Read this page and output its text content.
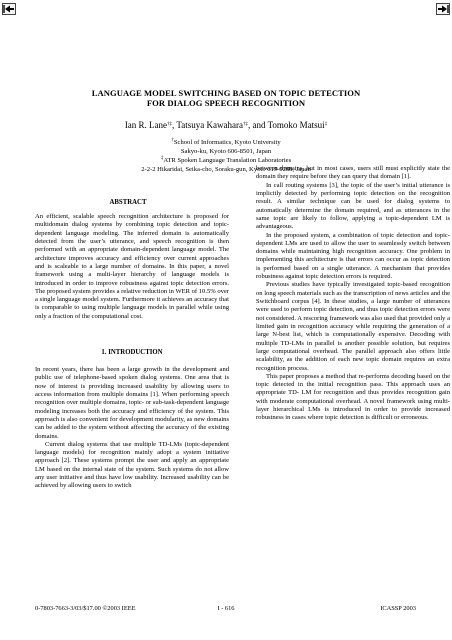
LANGUAGE MODEL SWITCHING BASED ON TOPIC DETECTION
FOR DIALOG SPEECH RECOGNITION
Ian R. Lane†‡, Tatsuya Kawahara†‡, and Tomoko Matsui‡
†School of Informatics, Kyoto University
Sakyo-ku, Kyoto 606-8501, Japan
‡ATR Spoken Language Translation Laboratories
2-2-2 Hikaridai, Seika-cho, Soraku-gun, Kyoto 619-0288, Japan
ABSTRACT

An efficient, scalable speech recognition architecture is proposed for multidomain dialog systems by combining topic detection and topic-dependent language modeling. The inferred domain is automatically detected from the user’s utterance, and speech recognition is then performed with an appropriate domain-dependent language model. The architecture improves accuracy and efficiency over current approaches and is scaleable to a large number of domains. In this paper, a novel framework using a multi-layer hierarchy of language models is introduced in order to improve robustness against topic detection errors. The proposed system provides a relative reduction in WER of 10.5% over a single language model system. Furthermore it achieves an accuracy that is comparable to using multiple language models in parallel while using only a fraction of the computational cost.

1. INTRODUCTION

In recent years, there has been a large growth in the development and public use of telephone-based spoken dialog systems. One area that is now of interest is providing increased usability by allowing users to access information from multiple domains [1]. When performing speech recognition over multiple domains, topic- or sub-task-dependent language modeling increases both the accuracy and efficiency of the system. This approach is also convenient for development modularity, as new domains can be added to the system without affecting the accuracy of the existing domains.

Current dialog systems that use multiple TD-LMs (topic-dependent language models) for recognition mainly adopt a system initiative approach [2]. These systems prompt the user and apply an appropriate LM based on the internal state of the system. Such systems do not allow any user initiative and thus have low usability. Increased usability can be achieved by allowing users to switch

between domains, but in most cases, users still must explicitly state the domain they require before they can query that domain [1].

In call routing systems [3], the topic of the user’s initial utterance is implicitly detected by performing topic detection on the recognition result. A similar technique can be used for dialog systems to automatically determine the domain required, and as utterances in the same topic are likely to follow, applying a topic-dependent LM is advantageous.

In the proposed system, a combination of topic detection and topic-dependent LMs are used to allow the user to seamlessly switch between domains while maintaining high recognition accuracy. One problem in implementing this architecture is that errors can occur as topic detection is performed based on a single utterance. A mechanism that provides robustness against topic detection errors is required.

Previous studies have typically investigated topic-based recognition on long speech materials such as the transcription of news articles and the Switchboard corpus [4]. In these studies, a large number of utterances were used to perform topic detection, and thus topic detection errors were not considered. A rescoring framework was also used that provided only a limited gain in recognition accuracy while requiring the generation of a large N-best list, which is computationally expensive. Decoding with multiple TD-LMs in parallel is another possible solution, but requires large computational overhead. The parallel approach also offers little scalability, as the addition of each new topic domain requires an extra recognition process.

This paper proposes a method that re-performs decoding based on the topic detected in the initial recognition pass. This approach uses an appropriate TD- LM for recognition and thus provides recognition gain with moderate computational overhead. A novel framework using multi-layer hierarchical LMs is introduced in order to provide increased robustness in cases where topic detection is difficult or erroneous.

0-7803-7663-3/03/$17.00 ©2003 IEEE	I - 616	ICASSP 2003
